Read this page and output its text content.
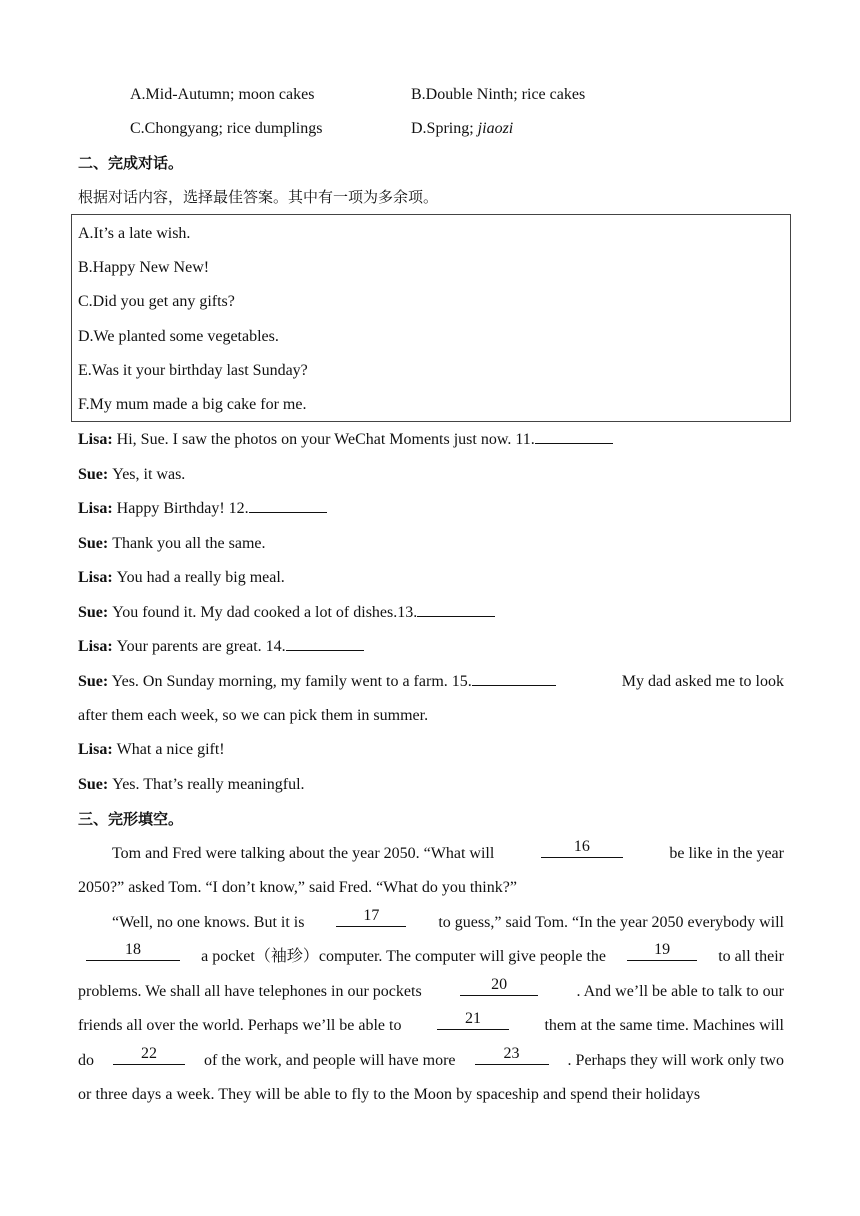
A.Mid-Autumn; moon cakes	B.Double Ninth; rice cakes
C.Chongyang; rice dumplings	D.Spring; jiaozi
二、完成对话。
根据对话内容，选择最佳答案。其中有一项为多余项。
A.It’s a late wish.
B.Happy New New!
C.Did you get any gifts?
D.We planted some vegetables.
E.Was it your birthday last Sunday?
F.My mum made a big cake for me.
Lisa: Hi, Sue. I saw the photos on your WeChat Moments just now. 11.
Sue: Yes, it was.
Lisa: Happy Birthday! 12.
Sue: Thank you all the same.
Lisa: You had a really big meal.
Sue: You found it. My dad cooked a lot of dishes.13.
Lisa: Your parents are great. 14.
Sue: Yes. On Sunday morning, my family went to a farm. 15.	My dad asked me to look
after them each week, so we can pick them in summer.
Lisa: What a nice gift!
Sue: Yes. That’s really meaningful.
三、完形填空。
Tom and Fred were talking about the year 2050. “What will	16	be like in the year
2050?” asked Tom. “I don’t know,” said Fred. “What do you think?”
“Well, no one knows. But it is	17	to guess,” said Tom. “In the year 2050 everybody will
18	a pocket（袖珍）computer. The computer will give people the	19	to all their
problems. We shall all have telephones in our pockets	20	. And we’ll be able to talk to our
friends all over the world. Perhaps we’ll be able to	21	them at the same time. Machines will
do	22	of the work, and people will have more	23	. Perhaps they will work only two
or three days a week. They will be able to fly to the Moon by spaceship and spend their holidays
